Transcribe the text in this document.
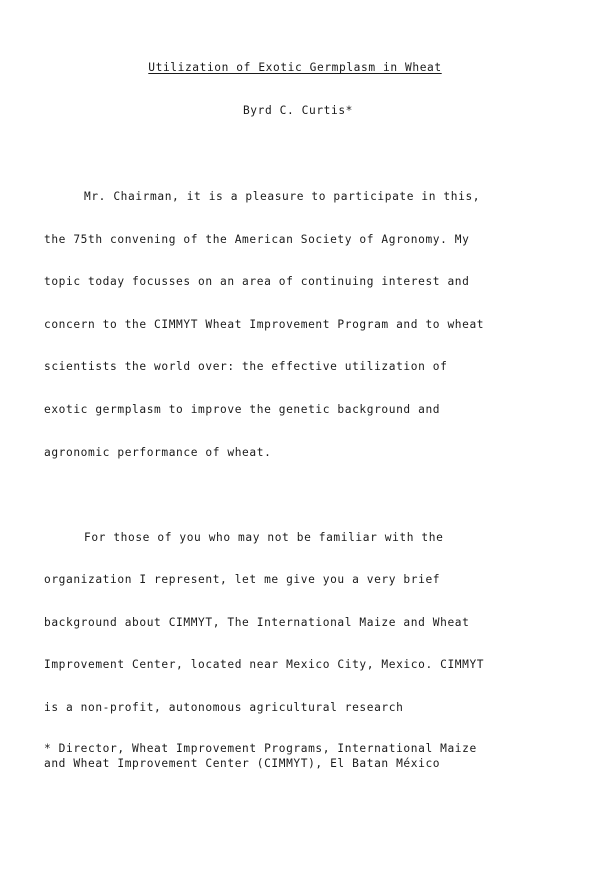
Utilization of Exotic Germplasm in Wheat
Byrd C. Curtis*
Mr. Chairman, it is a pleasure to participate in this,
the 75th convening of the American Society of Agronomy. My
topic today focusses on an area of continuing interest and
concern to the CIMMYT Wheat Improvement Program and to wheat
scientists the world over: the effective utilization of
exotic germplasm to improve the genetic background and
agronomic performance of wheat.
For those of you who may not be familiar with the
organization I represent, let me give you a very brief
background about CIMMYT, The International Maize and Wheat
Improvement Center, located near Mexico City, Mexico. CIMMYT
is a non-profit, autonomous agricultural research
* Director, Wheat Improvement Programs, International Maize
and Wheat Improvement Center (CIMMYT), El Batan México
